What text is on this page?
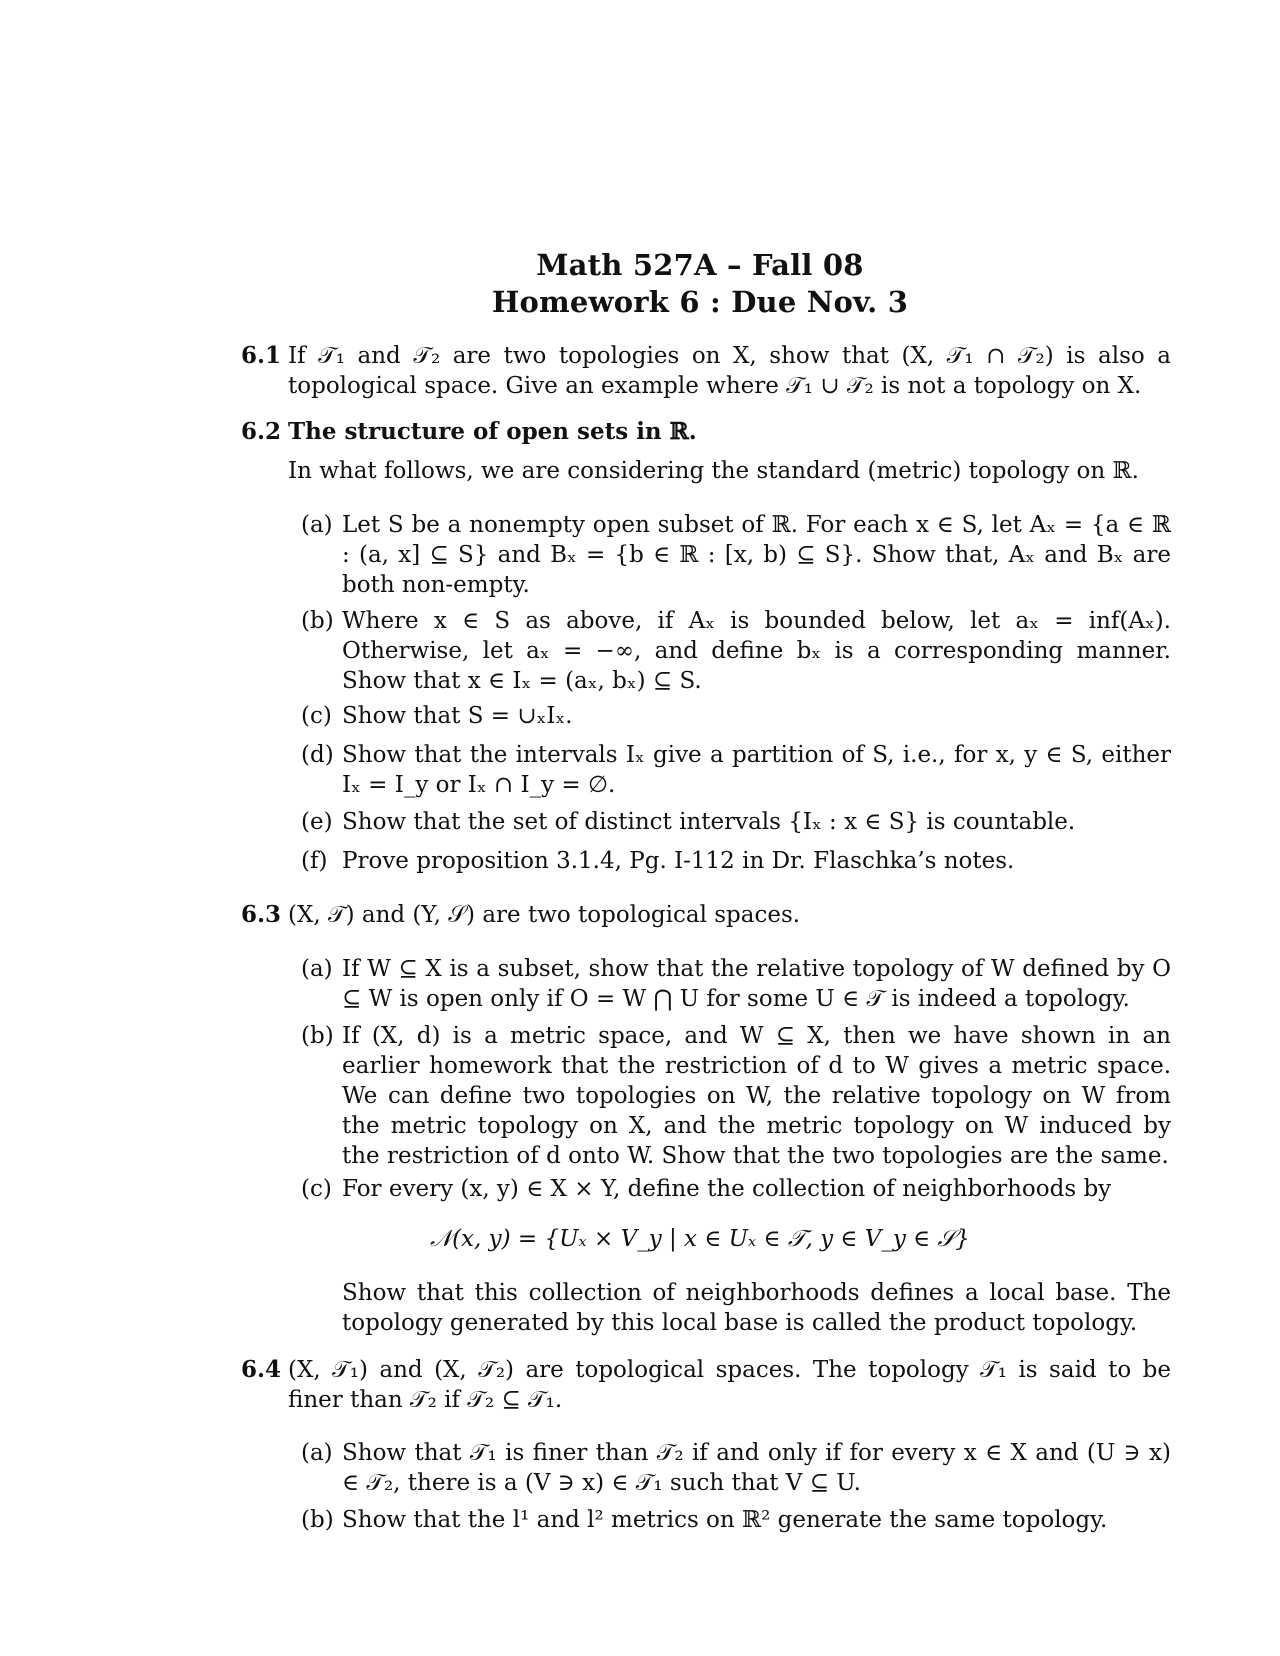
Math 527A – Fall 08
Homework 6 : Due Nov. 3
6.1 If 𝒯₁ and 𝒯₂ are two topologies on X, show that (X, 𝒯₁ ∩ 𝒯₂) is also a topological space. Give an example where 𝒯₁ ∪ 𝒯₂ is not a topology on X.
6.2 The structure of open sets in ℝ.
In what follows, we are considering the standard (metric) topology on ℝ.
(a) Let S be a nonempty open subset of ℝ. For each x ∈ S, let Aₓ = {a ∈ ℝ : (a, x] ⊆ S} and Bₓ = {b ∈ ℝ : [x, b) ⊆ S}. Show that, Aₓ and Bₓ are both non-empty.
(b) Where x ∈ S as above, if Aₓ is bounded below, let aₓ = inf(Aₓ). Otherwise, let aₓ = −∞, and define bₓ is a corresponding manner. Show that x ∈ Iₓ = (aₓ, bₓ) ⊆ S.
(c) Show that S = ∪ₓIₓ.
(d) Show that the intervals Iₓ give a partition of S, i.e., for x, y ∈ S, either Iₓ = I_y or Iₓ ∩ I_y = ∅.
(e) Show that the set of distinct intervals {Iₓ : x ∈ S} is countable.
(f) Prove proposition 3.1.4, Pg. I-112 in Dr. Flaschka’s notes.
6.3 (X, 𝒯) and (Y, 𝒮) are two topological spaces.
(a) If W ⊆ X is a subset, show that the relative topology of W defined by O ⊆ W is open only if O = W ⋂ U for some U ∈ 𝒯 is indeed a topology.
(b) If (X, d) is a metric space, and W ⊆ X, then we have shown in an earlier homework that the restriction of d to W gives a metric space. We can define two topologies on W, the relative topology on W from the metric topology on X, and the metric topology on W induced by the restriction of d onto W. Show that the two topologies are the same.
(c) For every (x, y) ∈ X × Y, define the collection of neighborhoods by
𝒩(x, y) = {Uₓ × V_y | x ∈ Uₓ ∈ 𝒯, y ∈ V_y ∈ 𝒮}
Show that this collection of neighborhoods defines a local base. The topology generated by this local base is called the product topology.
6.4 (X, 𝒯₁) and (X, 𝒯₂) are topological spaces. The topology 𝒯₁ is said to be finer than 𝒯₂ if 𝒯₂ ⊆ 𝒯₁.
(a) Show that 𝒯₁ is finer than 𝒯₂ if and only if for every x ∈ X and (U ∋ x) ∈ 𝒯₂, there is a (V ∋ x) ∈ 𝒯₁ such that V ⊆ U.
(b) Show that the l¹ and l² metrics on ℝ² generate the same topology.
